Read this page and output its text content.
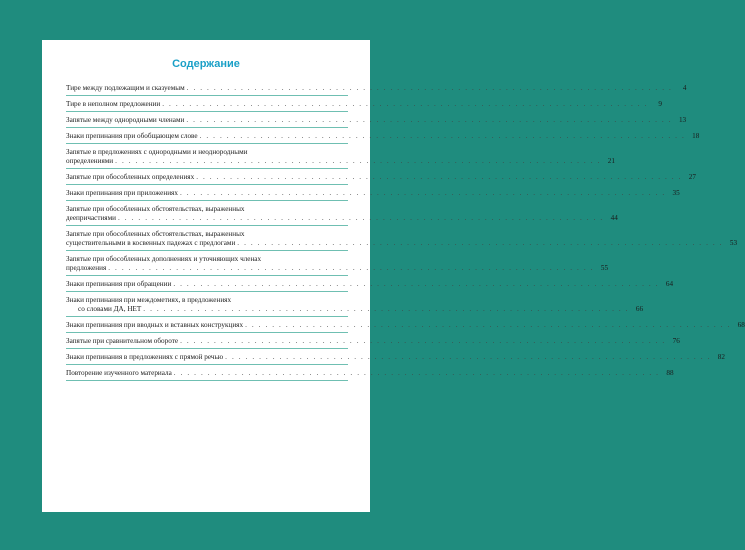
Содержание
Тире между подлежащим и сказуемым . . . . . . . . . . . . . . . . . . . . . . . . . . . . . . . . . . . . . . . . . . . . . . . . . . . . . . . . . . . . . . . . . . . . . . . .	4
Тире в неполном предложении . . . . . . . . . . . . . . . . . . . . . . . . . . . . . . . . . . . . . . . . . . . . . . . . . . . . . . . . . . . . . . . . . . . . . . . .	9
Запятые между однородными членами . . . . . . . . . . . . . . . . . . . . . . . . . . . . . . . . . . . . . . . . . . . . . . . . . . . . . . . . . . . . . . . . . . . . . . . . 13
Знаки препинания при обобщающем слове . . . . . . . . . . . . . . . . . . . . . . . . . . . . . . . . . . . . . . . . . . . . . . . . . . . . . . . . . . . . . . . . . . . . . . . . 18
Запятые в предложениях с однородными и неоднородными
определениями . . . . . . . . . . . . . . . . . . . . . . . . . . . . . . . . . . . . . . . . . . . . . . . . . . . . . . . . . . . . . . . . . . . . . . . . 21
Запятые при обособленных определениях . . . . . . . . . . . . . . . . . . . . . . . . . . . . . . . . . . . . . . . . . . . . . . . . . . . . . . . . . . . . . . . . . . . . . . . . 27
Знаки препинания при приложениях . . . . . . . . . . . . . . . . . . . . . . . . . . . . . . . . . . . . . . . . . . . . . . . . . . . . . . . . . . . . . . . . . . . . . . . . 35
Запятые при обособленных обстоятельствах, выраженных
деепричастиями . . . . . . . . . . . . . . . . . . . . . . . . . . . . . . . . . . . . . . . . . . . . . . . . . . . . . . . . . . . . . . . . . . . . . . . . 44
Запятые при обособленных обстоятельствах, выраженных
существительными в косвенных падежах с предлогами . . . . . . . . . . . . . . . . . . . . . . . . . . . . . . . . . . . . . . . . . . . . . . . . . . . . . . . . . . . . . . . . . . . . . . . . 53
Запятые при обособленных дополнениях и уточняющих членах
предложения . . . . . . . . . . . . . . . . . . . . . . . . . . . . . . . . . . . . . . . . . . . . . . . . . . . . . . . . . . . . . . . . . . . . . . . . 55
Знаки препинания при обращении . . . . . . . . . . . . . . . . . . . . . . . . . . . . . . . . . . . . . . . . . . . . . . . . . . . . . . . . . . . . . . . . . . . . . . . . 64
Знаки препинания при междометиях, в предложениях
со словами ДА, НЕТ . . . . . . . . . . . . . . . . . . . . . . . . . . . . . . . . . . . . . . . . . . . . . . . . . . . . . . . . . . . . . . . . . . . . . . . . 66
Знаки препинания при вводных и вставных конструкциях . . . . . . . . . . . . . . . . . . . . . . . . . . . . . . . . . . . . . . . . . . . . . . . . . . . . . . . . . . . . . . . . . . . . . . . . 68
Запятые при сравнительном обороте . . . . . . . . . . . . . . . . . . . . . . . . . . . . . . . . . . . . . . . . . . . . . . . . . . . . . . . . . . . . . . . . . . . . . . . . 76
Знаки препинания в предложениях с прямой речью . . . . . . . . . . . . . . . . . . . . . . . . . . . . . . . . . . . . . . . . . . . . . . . . . . . . . . . . . . . . . . . . . . . . . . . . 82
Повторение изученного материала . . . . . . . . . . . . . . . . . . . . . . . . . . . . . . . . . . . . . . . . . . . . . . . . . . . . . . . . . . . . . . . . . . . . . . . . 88
